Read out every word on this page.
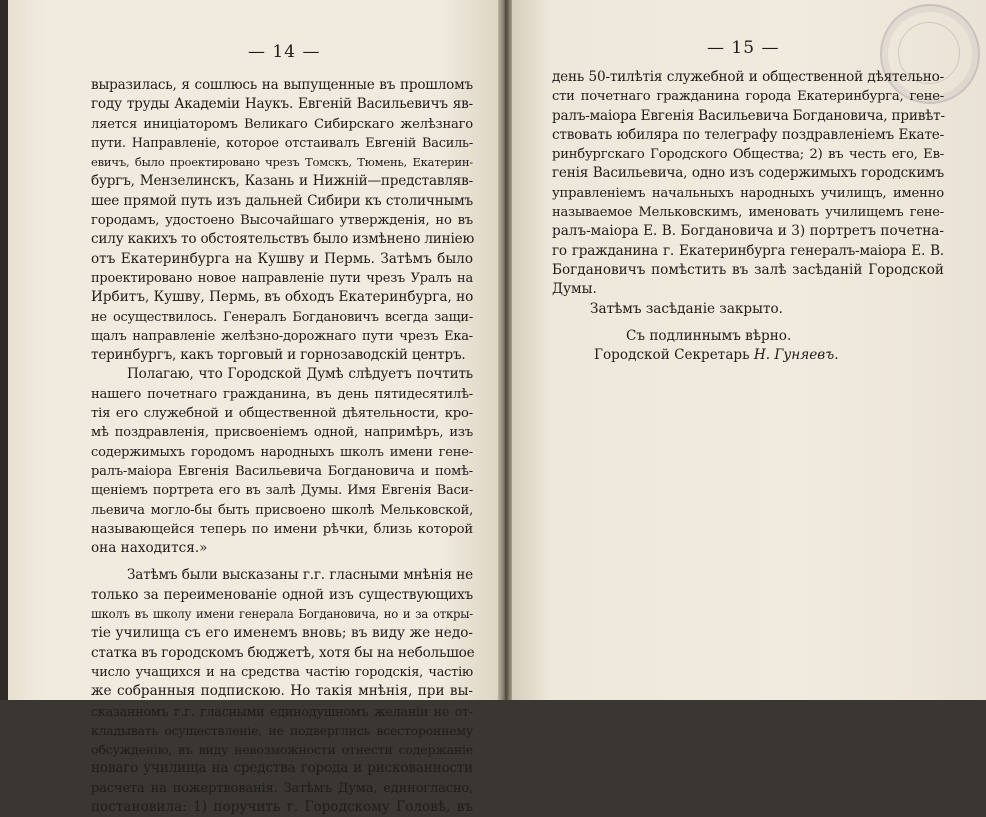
— 14 —
выразилась, я сошлюсь на выпущенные въ прошломъ
году труды Академіи Наукъ. Евгеній Васильевичъ яв-
ляется иниціаторомъ Великаго Сибирскаго желѣзнаго
пути. Направленіе, которое отстаивалъ Евгеній Василь-
евичъ, было проектировано чрезъ Томскъ, Тюмень, Екатерин-
бургъ, Мензелинскъ, Казань и Нижній—представляв-
шее прямой путь изъ дальней Сибири къ столичнымъ
городамъ, удостоено Высочайшаго утвержденія, но въ
силу какихъ то обстоятельствъ было измѣнено линіею
отъ Екатеринбурга на Кушву и Пермь. Затѣмъ было
проектировано новое направленіе пути чрезъ Уралъ на
Ирбитъ, Кушву, Пермь, въ обходъ Екатеринбурга, но
не осуществилось. Генералъ Богдановичъ всегда защи-
щалъ направленіе желѣзно-дорожнаго пути чрезъ Ека-
теринбургъ, какъ торговый и горнозаводскій центръ.
Полагаю, что Городской Думѣ слѣдуетъ почтить
нашего почетнаго гражданина, въ день пятидесятилѣ-
тія его служебной и общественной дѣятельности, кро-
мѣ поздравленія, присвоеніемъ одной, напримѣръ, изъ
содержимыхъ городомъ народныхъ школъ имени гене-
ралъ-маіора Евгенія Васильевича Богдановича и помѣ-
щеніемъ портрета его въ залѣ Думы. Имя Евгенія Васи-
льевича могло-бы быть присвоено школѣ Мельковской,
называющейся теперь по имени рѣчки, близь которой
она находится.»
Затѣмъ были высказаны г.г. гласными мнѣнія не
только за переименованіе одной изъ существующихъ
школъ въ школу имени генерала Богдановича, но и за откры-
тіе училища съ его именемъ вновь; въ виду же недо-
статка въ городскомъ бюджетѣ, хотя бы на небольшое
число учащихся и на средства частію городскія, частію
же собранныя подпискою. Но такія мнѣнія, при вы-
сказанномъ г.г. гласными единодушномъ желаніи не от-
кладывать осуществленіе, не подверглись всестороннему
обсужденію, въ виду невозможности отнести содержаніе
новаго училища на средства города и рискованности
расчета на пожертвованія. Затѣмъ Дума, единогласно,
постановила: 1) поручить г. Городскому Головѣ, въ
— 15 —
день 50-тилѣтія служебной и общественной дѣятельно-
сти почетнаго гражданина города Екатеринбурга, гене-
ралъ-маіора Евгенія Васильевича Богдановича, привѣт-
ствовать юбиляра по телеграфу поздравленіемъ Екате-
ринбургскаго Городского Общества; 2) въ честь его, Ев-
генія Васильевича, одно изъ содержимыхъ городскимъ
управленіемъ начальныхъ народныхъ училищъ, именно
называемое Мельковскимъ, именовать училищемъ гене-
ралъ-маіора Е. В. Богдановича и 3) портретъ почетна-
го гражданина г. Екатеринбурга генералъ-маіора Е. В.
Богдановичъ помѣстить въ залѣ засѣданій Городской
Думы.
Затѣмъ засѣданіе закрыто.
Съ подлиннымъ вѣрно.
Городской Секретарь Н. Гуняевъ.
